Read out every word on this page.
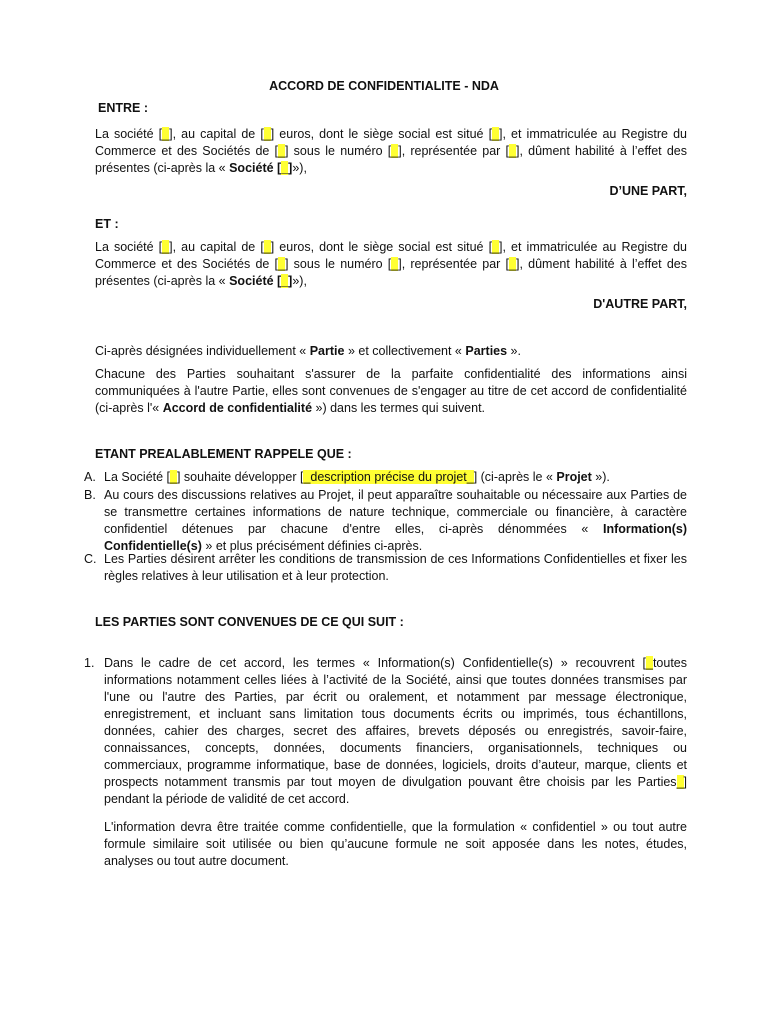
ACCORD DE CONFIDENTIALITE - NDA
ENTRE :
La société [_], au capital de [_] euros, dont le siège social est situé [_], et immatriculée au Registre du Commerce et des Sociétés de [_] sous le numéro [_], représentée par [_], dûment habilité à l’effet des présentes (ci-après la « Société [_]»),
D’UNE PART,
ET :
La société [_], au capital de [_] euros, dont le siège social est situé [_], et immatriculée au Registre du Commerce et des Sociétés de [_] sous le numéro [_], représentée par [_], dûment habilité à l’effet des présentes (ci-après la « Société [_]»),
D'AUTRE PART,
Ci-après désignées individuellement « Partie » et collectivement « Parties ».
Chacune des Parties souhaitant s'assurer de la parfaite confidentialité des informations ainsi communiquées à l'autre Partie, elles sont convenues de s'engager au titre de cet accord de confidentialité (ci-après l'« Accord de confidentialité ») dans les termes qui suivent.
ETANT PREALABLEMENT RAPPELE QUE :
A. La Société [_] souhaite développer [_description précise du projet_] (ci-après le « Projet »).
B. Au cours des discussions relatives au Projet, il peut apparaître souhaitable ou nécessaire aux Parties de se transmettre certaines informations de nature technique, commerciale ou financière, à caractère confidentiel détenues par chacune d'entre elles, ci-après dénommées « Information(s) Confidentielle(s) » et plus précisément définies ci-après.
C. Les Parties désirent arrêter les conditions de transmission de ces Informations Confidentielles et fixer les règles relatives à leur utilisation et à leur protection.
LES PARTIES SONT CONVENUES DE CE QUI SUIT :
1. Dans le cadre de cet accord, les termes « Information(s) Confidentielle(s) » recouvrent [_toutes informations notamment celles liées à l’activité de la Société, ainsi que toutes données transmises par l'une ou l'autre des Parties, par écrit ou oralement, et notamment par message électronique, enregistrement, et incluant sans limitation tous documents écrits ou imprimés, tous échantillons, données, cahier des charges, secret des affaires, brevets déposés ou enregistrés, savoir-faire, connaissances, concepts, données, documents financiers, organisationnels, techniques ou commerciaux, programme informatique, base de données, logiciels, droits d’auteur, marque, clients et prospects notamment transmis par tout moyen de divulgation pouvant être choisis par les Parties_] pendant la période de validité de cet accord.
L'information devra être traitée comme confidentielle, que la formulation « confidentiel » ou tout autre formule similaire soit utilisée ou bien qu’aucune formule ne soit apposée dans les notes, études, analyses ou tout autre document.
